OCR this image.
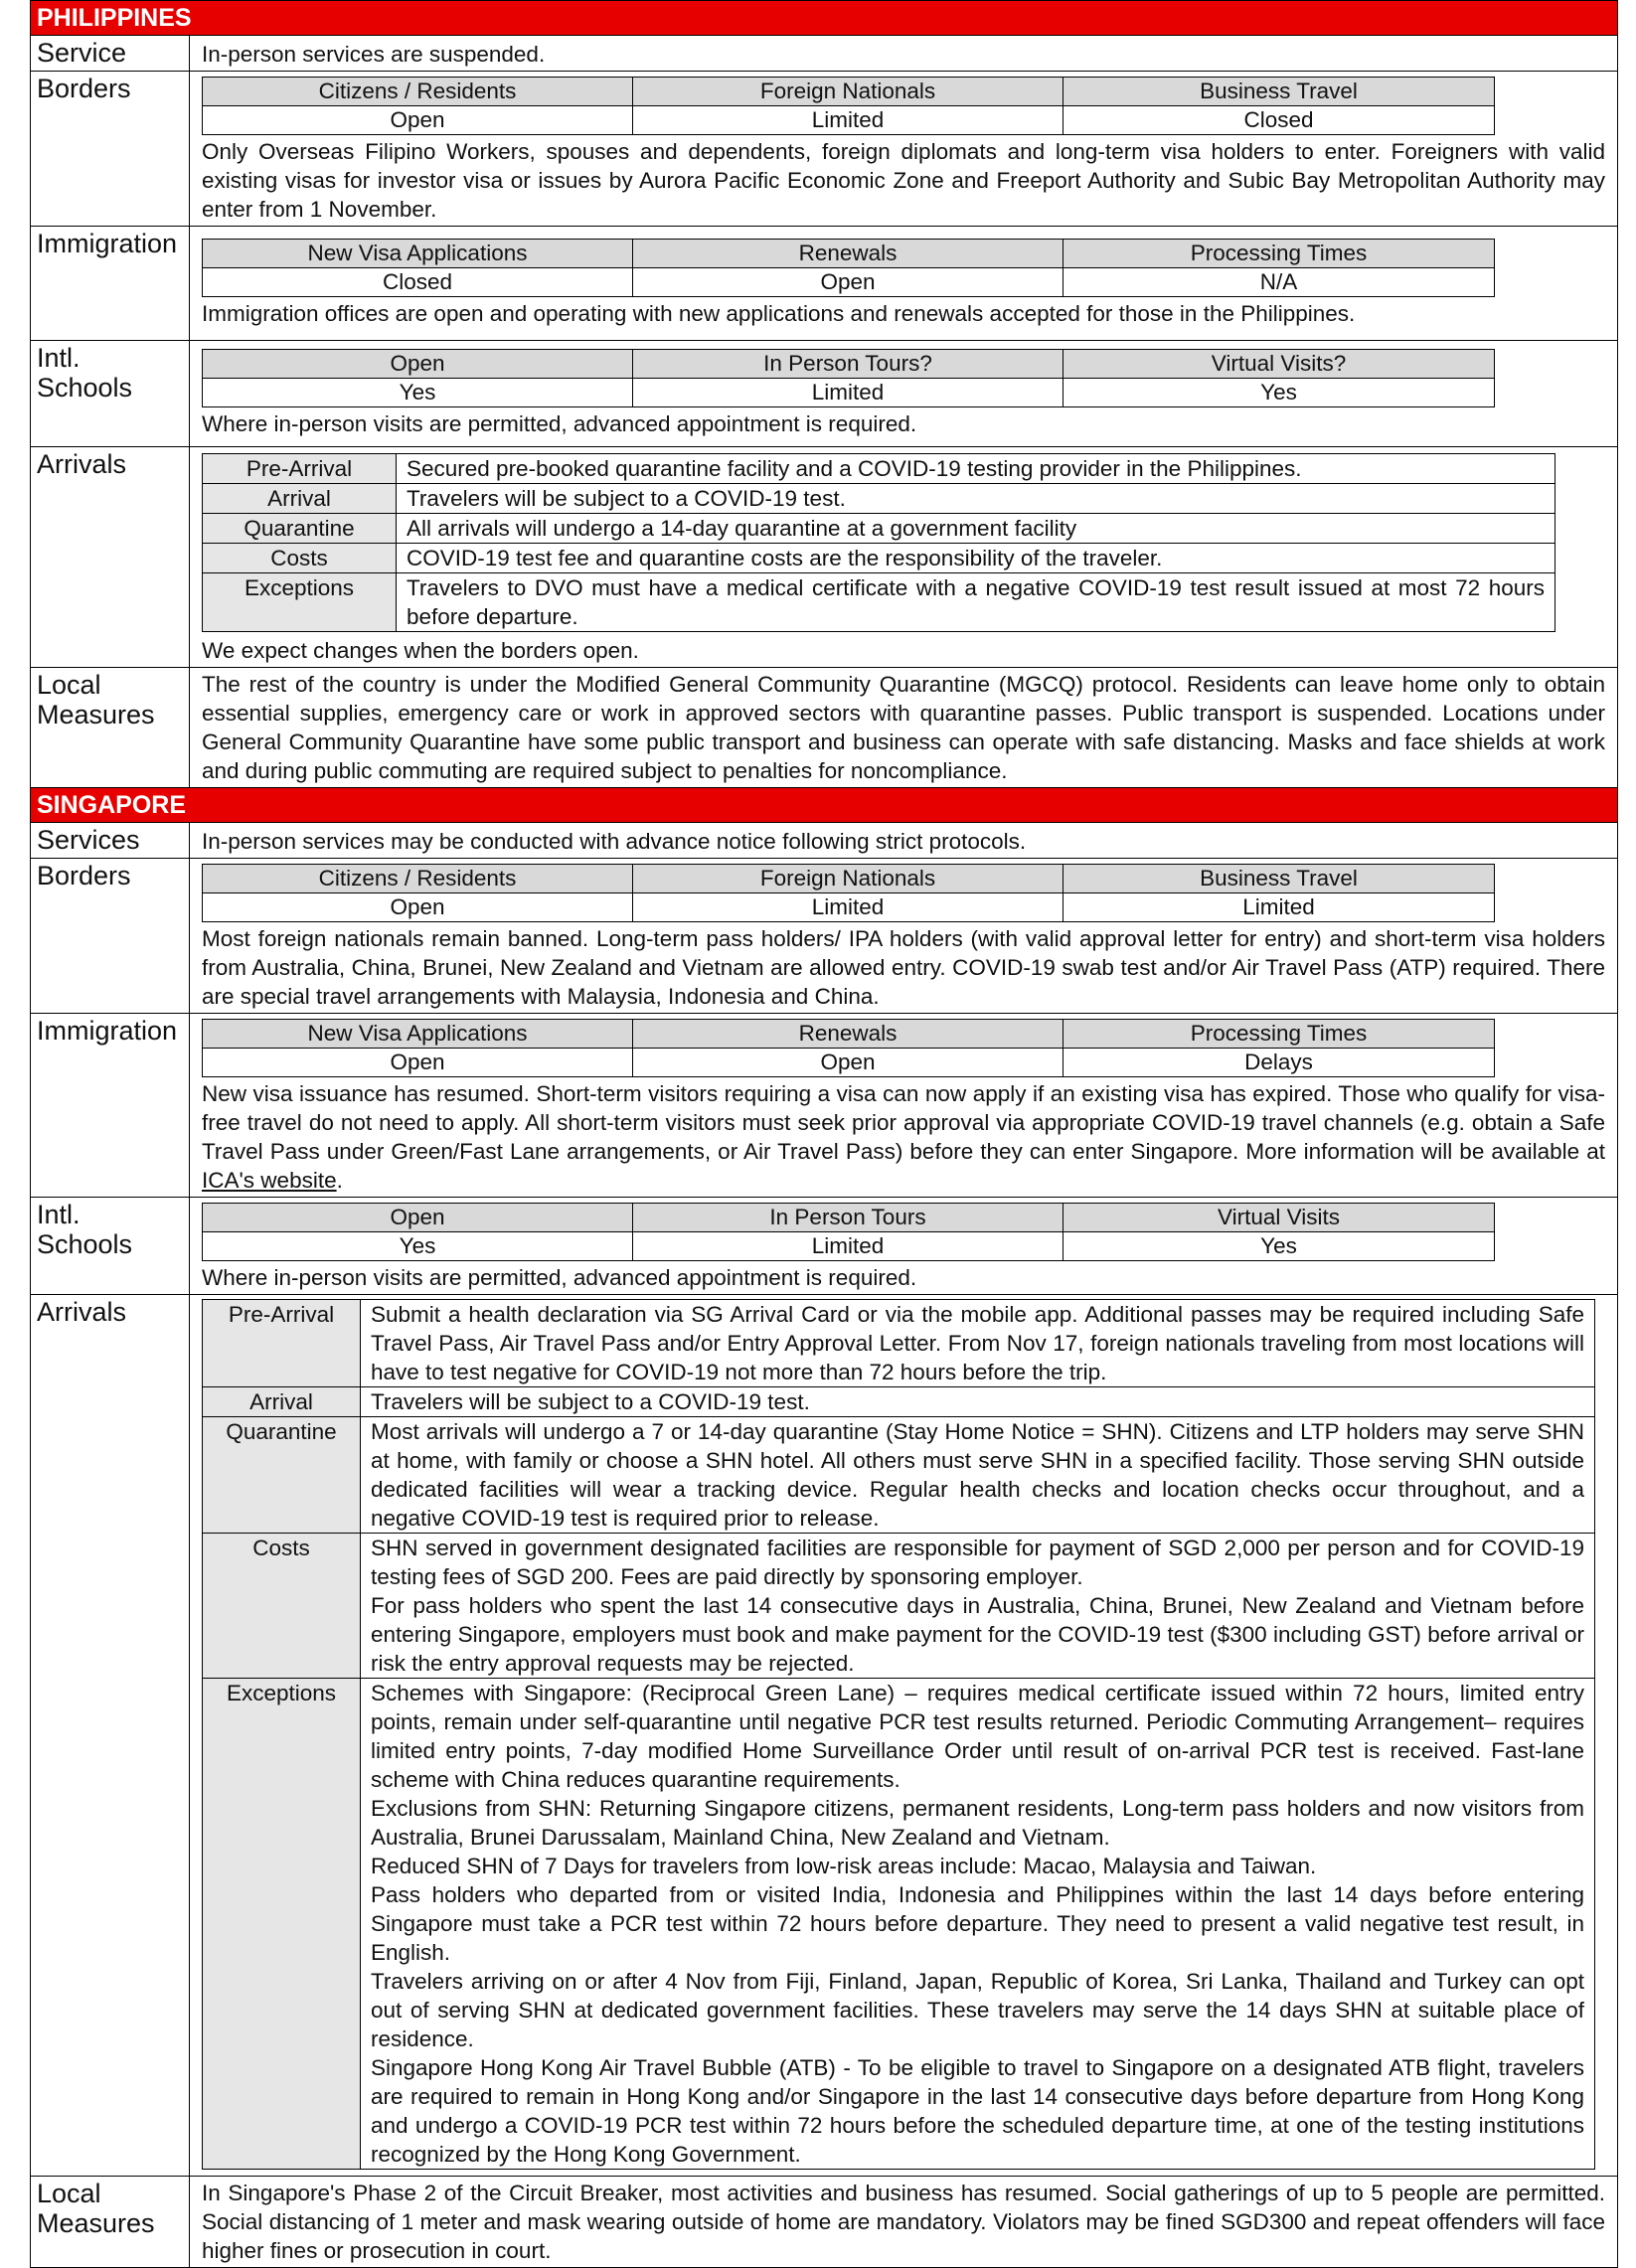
PHILIPPINES
Service	In-person services are suspended.
Borders	Citizens / Residents	Foreign Nationals	Business Travel
Open	Limited	Closed

Only Overseas Filipino Workers, spouses and dependents, foreign diplomats and long-term visa holders to enter. Foreigners with valid existing visas for investor visa or issues by Aurora Pacific Economic Zone and Freeport Authority and Subic Bay Metropolitan Authority may enter from 1 November.

Immigration	New Visa Applications	Renewals	Processing Times
Closed	Open	N/A

Immigration offices are open and operating with new applications and renewals accepted for those in the Philippines.

Intl.
Schools
Open	In Person Tours?	Virtual Visits?
Yes	Limited	Yes

Where in-person visits are permitted, advanced appointment is required.

Arrivals	Pre-Arrival	Secured pre-booked quarantine facility and a COVID-19 testing provider in the Philippines.
Arrival	Travelers will be subject to a COVID-19 test.
Quarantine	All arrivals will undergo a 14-day quarantine at a government facility
Costs	COVID-19 test fee and quarantine costs are the responsibility of the traveler.
Exceptions	Travelers to DVO must have a medical certificate with a negative COVID-19 test result issued at most 72 hours before departure.

We expect changes when the borders open.

Local
Measures
The rest of the country is under the Modified General Community Quarantine (MGCQ) protocol. Residents can leave home only to obtain essential supplies, emergency care or work in approved sectors with quarantine passes. Public transport is suspended. Locations under General Community Quarantine have some public transport and business can operate with safe distancing. Masks and face shields at work and during public commuting are required subject to penalties for noncompliance.
SINGAPORE
Services	In-person services may be conducted with advance notice following strict protocols.
Borders	Citizens / Residents	Foreign Nationals	Business Travel
Open	Limited	Limited

Most foreign nationals remain banned. Long-term pass holders/ IPA holders (with valid approval letter for entry) and short-term visa holders from Australia, China, Brunei, New Zealand and Vietnam are allowed entry. COVID-19 swab test and/or Air Travel Pass (ATP) required. There are special travel arrangements with Malaysia, Indonesia and China.

Immigration	New Visa Applications	Renewals	Processing Times
Open	Open	Delays

New visa issuance has resumed. Short-term visitors requiring a visa can now apply if an existing visa has expired. Those who qualify for visa-free travel do not need to apply. All short-term visitors must seek prior approval via appropriate COVID-19 travel channels (e.g. obtain a Safe Travel Pass under Green/Fast Lane arrangements, or Air Travel Pass) before they can enter Singapore. More information will be available at ICA's website.

Intl.
Schools
Open	In Person Tours	Virtual Visits
Yes	Limited	Yes

Where in-person visits are permitted, advanced appointment is required.

Arrivals	Pre-Arrival	Submit a health declaration via SG Arrival Card or via the mobile app. Additional passes may be required including Safe Travel Pass, Air Travel Pass and/or Entry Approval Letter. From Nov 17, foreign nationals traveling from most locations will have to test negative for COVID-19 not more than 72 hours before the trip.

Arrival	Travelers will be subject to a COVID-19 test.

Quarantine	Most arrivals will undergo a 7 or 14-day quarantine (Stay Home Notice = SHN). Citizens and LTP holders may serve SHN at home, with family or choose a SHN hotel. All others must serve SHN in a specified facility. Those serving SHN outside dedicated facilities will wear a tracking device. Regular health checks and location checks occur throughout, and a negative COVID-19 test is required prior to release.

Costs	SHN served in government designated facilities are responsible for payment of SGD 2,000 per person and for COVID-19 testing fees of SGD 200. Fees are paid directly by sponsoring employer.

For pass holders who spent the last 14 consecutive days in Australia, China, Brunei, New Zealand and Vietnam before entering Singapore, employers must book and make payment for the COVID-19 test ($300 including GST) before arrival or risk the entry approval requests may be rejected.

Exceptions	Schemes with Singapore: (Reciprocal Green Lane) – requires medical certificate issued within 72 hours, limited entry points, remain under self-quarantine until negative PCR test results returned. Periodic Commuting Arrangement– requires limited entry points, 7-day modified Home Surveillance Order until result of on-arrival PCR test is received. Fast-lane scheme with China reduces quarantine requirements.

Exclusions from SHN: Returning Singapore citizens, permanent residents, Long-term pass holders and now visitors from Australia, Brunei Darussalam, Mainland China, New Zealand and Vietnam.

Reduced SHN of 7 Days for travelers from low-risk areas include: Macao, Malaysia and Taiwan.

Pass holders who departed from or visited India, Indonesia and Philippines within the last 14 days before entering Singapore must take a PCR test within 72 hours before departure. They need to present a valid negative test result, in English.

Travelers arriving on or after 4 Nov from Fiji, Finland, Japan, Republic of Korea, Sri Lanka, Thailand and Turkey can opt out of serving SHN at dedicated government facilities. These travelers may serve the 14 days SHN at suitable place of residence.

Singapore Hong Kong Air Travel Bubble (ATB) - To be eligible to travel to Singapore on a designated ATB flight, travelers are required to remain in Hong Kong and/or Singapore in the last 14 consecutive days before departure from Hong Kong and undergo a COVID-19 PCR test within 72 hours before the scheduled departure time, at one of the testing institutions recognized by the Hong Kong Government.

Local
Measures
In Singapore's Phase 2 of the Circuit Breaker, most activities and business has resumed. Social gatherings of up to 5 people are permitted. Social distancing of 1 meter and mask wearing outside of home are mandatory. Violators may be fined SGD300 and repeat offenders will face higher fines or prosecution in court.
